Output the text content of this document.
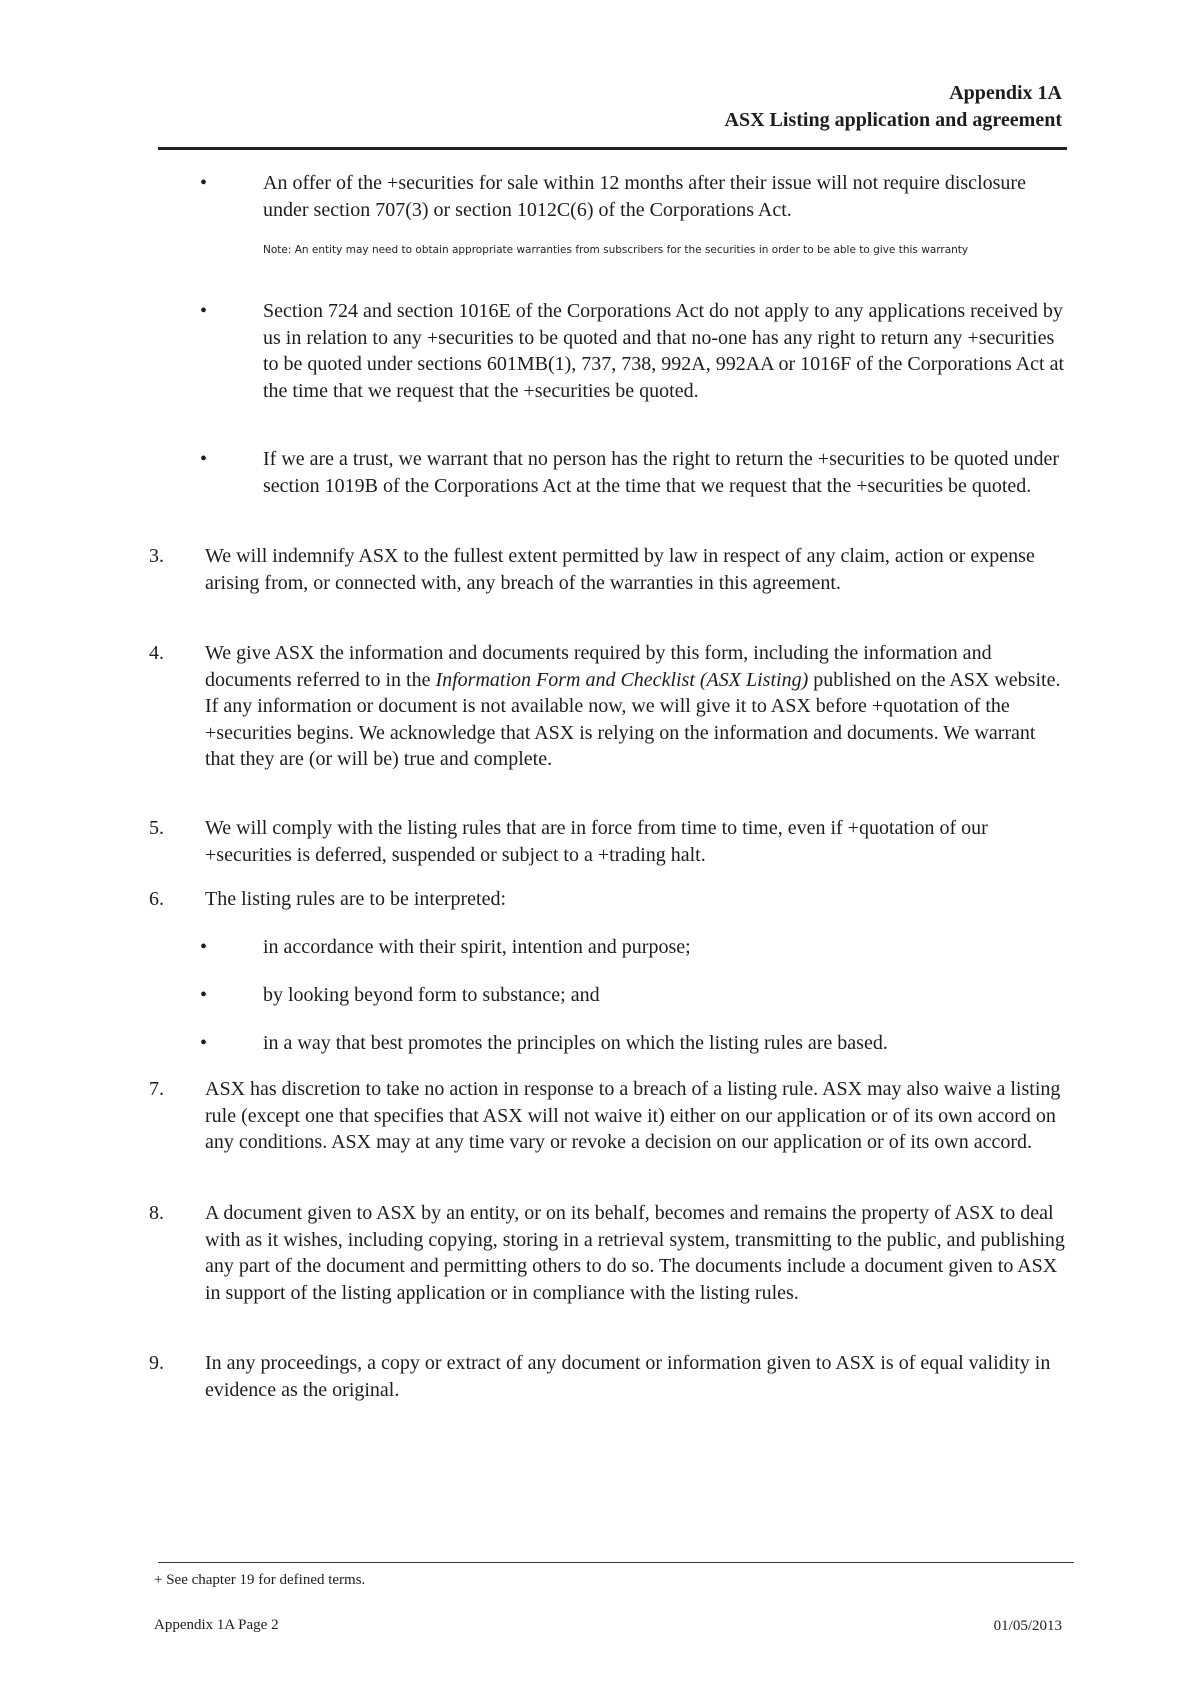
Appendix 1A
ASX Listing application and agreement
•	An offer of the +securities for sale within 12 months after their issue will not require disclosure under section 707(3) or section 1012C(6) of the Corporations Act.
Note: An entity may need to obtain appropriate warranties from subscribers for the securities in order to be able to give this warranty
•	Section 724 and section 1016E of the Corporations Act do not apply to any applications received by us in relation to any +securities to be quoted and that no-one has any right to return any +securities to be quoted under sections 601MB(1), 737, 738, 992A, 992AA or 1016F of the Corporations Act at the time that we request that the +securities be quoted.
•	If we are a trust, we warrant that no person has the right to return the +securities to be quoted under section 1019B of the Corporations Act at the time that we request that the +securities be quoted.
3. We will indemnify ASX to the fullest extent permitted by law in respect of any claim, action or expense arising from, or connected with, any breach of the warranties in this agreement.
4. We give ASX the information and documents required by this form, including the information and documents referred to in the Information Form and Checklist (ASX Listing) published on the ASX website. If any information or document is not available now, we will give it to ASX before +quotation of the +securities begins. We acknowledge that ASX is relying on the information and documents. We warrant that they are (or will be) true and complete.
5. We will comply with the listing rules that are in force from time to time, even if +quotation of our +securities is deferred, suspended or subject to a +trading halt.
6. The listing rules are to be interpreted:
•	in accordance with their spirit, intention and purpose;
•	by looking beyond form to substance; and
•	in a way that best promotes the principles on which the listing rules are based.
7. ASX has discretion to take no action in response to a breach of a listing rule. ASX may also waive a listing rule (except one that specifies that ASX will not waive it) either on our application or of its own accord on any conditions. ASX may at any time vary or revoke a decision on our application or of its own accord.
8. A document given to ASX by an entity, or on its behalf, becomes and remains the property of ASX to deal with as it wishes, including copying, storing in a retrieval system, transmitting to the public, and publishing any part of the document and permitting others to do so. The documents include a document given to ASX in support of the listing application or in compliance with the listing rules.
9. In any proceedings, a copy or extract of any document or information given to ASX is of equal validity in evidence as the original.
+ See chapter 19 for defined terms.
Appendix 1A Page 2	01/05/2013
